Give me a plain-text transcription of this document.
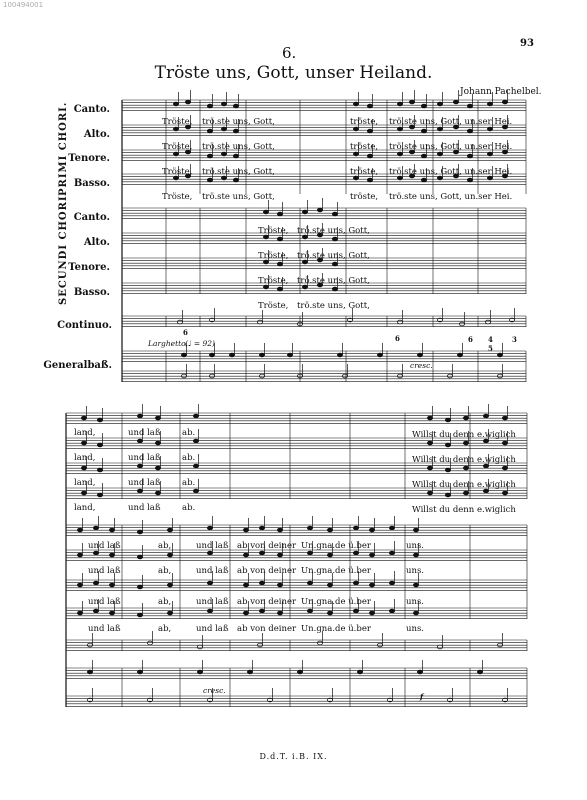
100494001
93
6.
Tröste uns, Gott, unser Heiland.
Johann Pachelbel.
PRIMI CHORI.
SECUNDI CHORI.
Canto.
Alto.
Tenore.
Basso.
Canto.
Alto.
Tenore.
Basso.
Continuo.
Generalbaß.
Tröste, trö.ste uns, Gott,	tröste, trö.ste uns, Gott, un.ser Hei.
Tröste, trö.ste uns, Gott,	tröste, trö.ste uns, Gott, un.ser Hei.
Tröste, trö.ste uns, Gott,	tröste, trö.ste uns, Gott, un.ser Hei.
Tröste, trö.ste uns, Gott,	tröste, trö.ste uns, Gott, un.ser Hei.
Tröste, trö.ste uns, Gott,
Tröste, trö.ste uns, Gott,
Tröste, trö.ste uns, Gott,
Tröste, trö.ste uns, Gott,
Larghetto.
(♩ = 92)
cresc.
6
6	6 4	3
5
land,	und laß	ab.	Willst du denn e.wiglich
land,	und laß	ab.	Willst du denn e.wiglich
land,	und laß	ab.	Willst du denn e.wiglich
land,	und laß	ab.	Willst du denn e.wiglich
und laß	ab,	und laß ab von deiner Un.gna.de ü.ber	uns.
und laß	ab,	und laß ab von deiner Un.gna.de ü.ber	uns.
und laß	ab,	und laß ab von deiner Un.gna.de ü.ber	uns.
und laß	ab,	und laß ab von deiner Un.gna.de ü.ber	uns.
cresc.
f
D.d.T. i.B. IX.
